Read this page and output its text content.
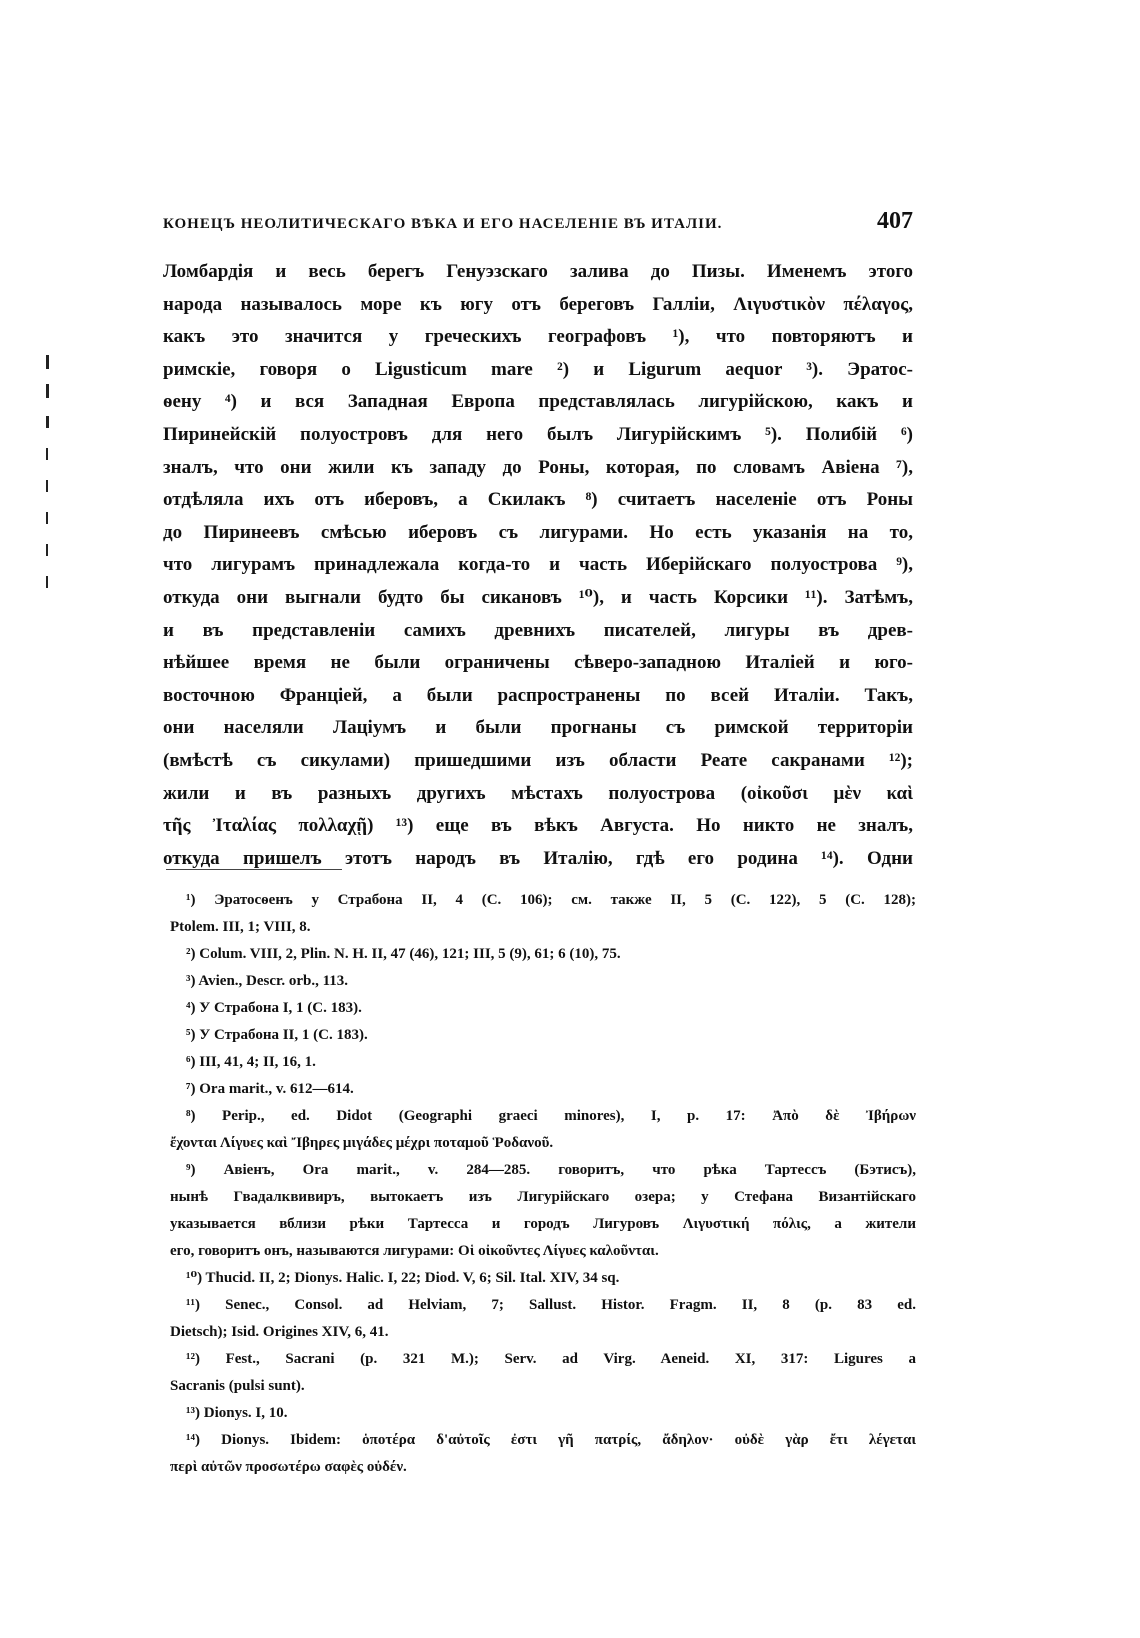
КОНЕЦЪ НЕОЛИТИЧЕСКАГО ВѢКА И ЕГО НАСЕЛЕНІЕ ВЪ ИТАЛІИ.	407
Ломбардія и весь берегъ Генуэзскаго залива до Пизы. Именемъ этого
народа называлось море къ югу отъ береговъ Галліи, Λιγυστικὸν πέλαγος,
какъ это значится у греческихъ географовъ ¹), что повторяютъ и
римскіе, говоря о Ligusticum mare ²) и Ligurum aequor ³). Эратос-
ѳену ⁴) и вся Западная Европа представлялась лигурійскою, какъ и
Пиринейскій полуостровъ для него былъ Лигурійскимъ ⁵). Полибій ⁶)
зналъ, что они жили къ западу до Роны, которая, по словамъ Авіена ⁷),
отдѣляла ихъ отъ иберовъ, а Скилакъ ⁸) считаетъ населеніе отъ Роны
до Пиринеевъ смѣсью иберовъ съ лигурами. Но есть указанія на то,
что лигурамъ принадлежала когда-то и часть Иберійскаго полуострова ⁹),
откуда они выгнали будто бы сикановъ ¹⁰), и часть Корсики ¹¹). Затѣмъ,
и въ представленіи самихъ древнихъ писателей, лигуры въ древ-
нѣйшее время не были ограничены сѣверо-западною Италіей и юго-
восточною Франціей, а были распространены по всей Италіи. Такъ,
они населяли Лаціумъ и были прогнаны съ римской территоріи
(вмѣстѣ съ сикулами) пришедшими изъ области Реате сакранами ¹²);
жили и въ разныхъ другихъ мѣстахъ полуострова (οἰκοῦσι μὲν καὶ
τῆς Ἰταλίας πολλαχῇ) ¹³) еще въ вѣкъ Августа. Но никто не зналъ,
откуда пришелъ этотъ народъ въ Италію, гдѣ его родина ¹⁴). Одни
¹) Эратосѳенъ у Страбона II, 4 (С. 106); см. также II, 5 (С. 122), 5 (С. 128);
Ptolem. III, 1; VIII, 8.
²) Colum. VIII, 2, Plin. N. H. II, 47 (46), 121; III, 5 (9), 61; 6 (10), 75.
³) Avien., Descr. orb., 113.
⁴) У Страбона I, 1 (С. 183).
⁵) У Страбона II, 1 (С. 183).
⁶) III, 41, 4; II, 16, 1.
⁷) Ora marit., v. 612—614.
⁸) Perip., ed. Didot (Geographi graeci minores), I, p. 17: Ἀπὸ δὲ Ἰβήρων
ἔχονται Λίγυες καὶ Ἴβηρες μιγάδες μέχρι ποταμοῦ Ῥοδανοῦ.
⁹) Авіенъ, Ora marit., v. 284—285. говоритъ, что рѣка Тартессъ (Бэтисъ),
нынѣ Гвадалквивиръ, вытокаетъ изъ Лигурійскаго озера; у Стефана Византійскаго
указывается вблизи рѣки Тартесса и городъ Лигуровъ Λιγυστική πόλις, а жители
его, говоритъ онъ, называются лигурами: Οἱ οἰκοῦντες Λίγυες καλοῦνται.
¹⁰) Thucid. II, 2; Dionys. Halic. I, 22; Diod. V, 6; Sil. Ital. XIV, 34 sq.
¹¹) Senec., Consol. ad Helviam, 7; Sallust. Histor. Fragm. II, 8 (p. 83 ed.
Dietsch); Isid. Origines XIV, 6, 41.
¹²) Fest., Sacrani (p. 321 M.); Serv. ad Virg. Aeneid. XI, 317: Ligures a
Sacranis (pulsi sunt).
¹³) Dionys. I, 10.
¹⁴) Dionys. Ibidem: ὁποτέρα δ'αὐτοῖς ἐστι γῆ πατρίς, ἄδηλον· οὐδὲ γὰρ ἔτι λέγεται
περὶ αὐτῶν προσωτέρω σαφὲς οὐδέν.
